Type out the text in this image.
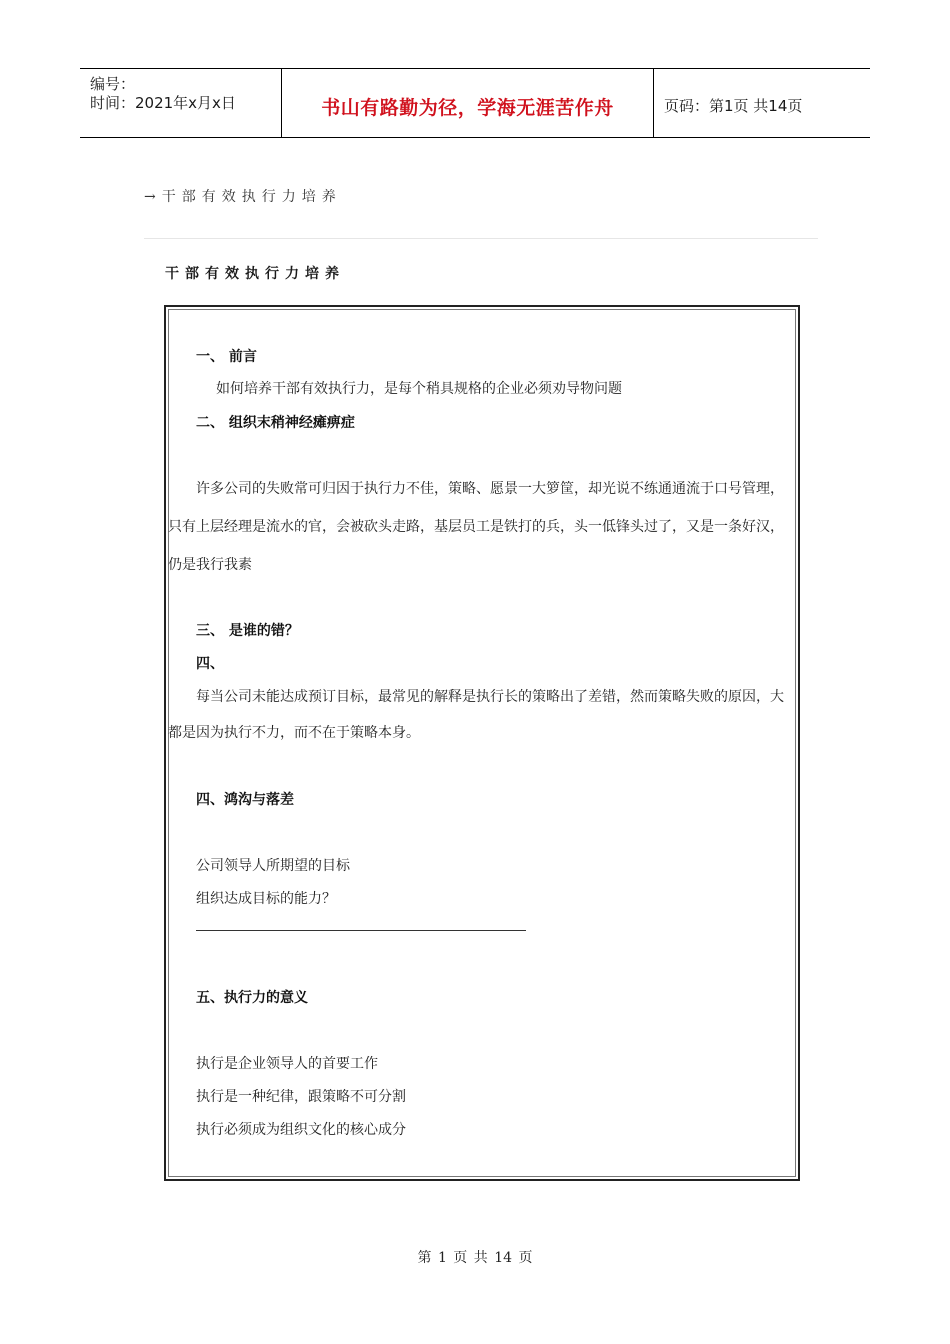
编号：
时间：2021年x月x日	书山有路勤为径，学海无涯苦作舟	页码：第1页 共14页
→干部有效执行力培养
干部有效执行力培养
一、 前言
如何培养干部有效执行力，是每个稍具规格的企业必须劝导物问题
二、 组织末稍神经瘫痹症
许多公司的失败常可归因于执行力不佳，策略、愿景一大箩筐，却光说不练通通流于口号管理，
只有上层经理是流水的官，会被砍头走路，基层员工是铁打的兵，头一低锋头过了，又是一条好汉，
仍是我行我素
三、 是谁的错？
四、
每当公司未能达成预订目标，最常见的解释是执行长的策略出了差错，然而策略失败的原因，大
都是因为执行不力，而不在于策略本身。
四、鸿沟与落差
公司领导人所期望的目标
组织达成目标的能力？
五、执行力的意义
执行是企业领导人的首要工作
执行是一种纪律，跟策略不可分割
执行必须成为组织文化的核心成分
第 1 页 共 14 页
